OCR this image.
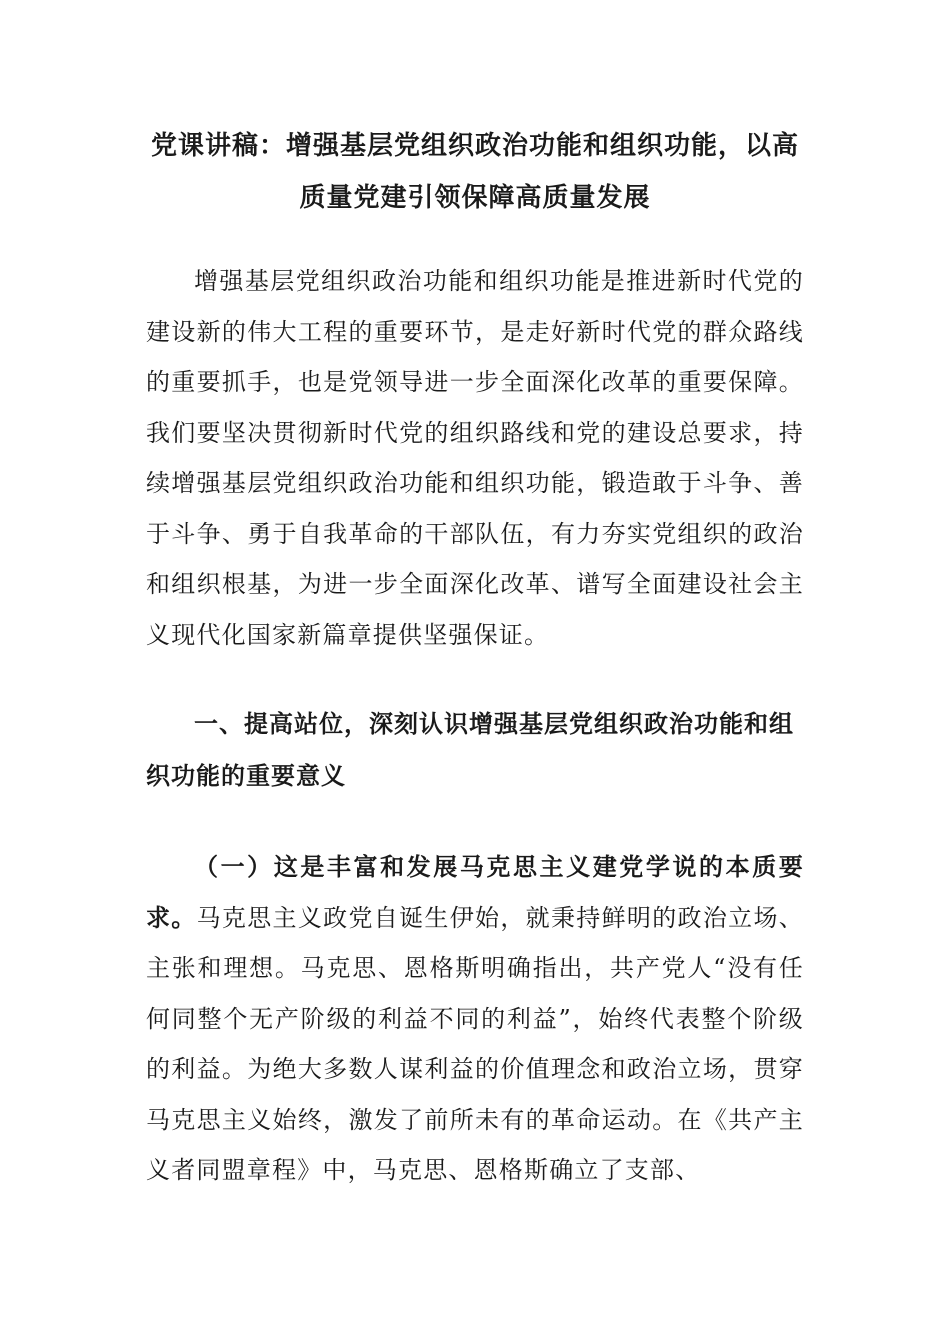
党课讲稿：增强基层党组织政治功能和组织功能，以高质量党建引领保障高质量发展

增强基层党组织政治功能和组织功能是推进新时代党的建设新的伟大工程的重要环节，是走好新时代党的群众路线的重要抓手，也是党领导进一步全面深化改革的重要保障。我们要坚决贯彻新时代党的组织路线和党的建设总要求，持续增强基层党组织政治功能和组织功能，锻造敢于斗争、善于斗争、勇于自我革命的干部队伍，有力夯实党组织的政治和组织根基，为进一步全面深化改革、谱写全面建设社会主义现代化国家新篇章提供坚强保证。

一、提高站位，深刻认识增强基层党组织政治功能和组织功能的重要意义

（一）这是丰富和发展马克思主义建党学说的本质要求。马克思主义政党自诞生伊始，就秉持鲜明的政治立场、主张和理想。马克思、恩格斯明确指出，共产党人“没有任何同整个无产阶级的利益不同的利益”，始终代表整个阶级的利益。为绝大多数人谋利益的价值理念和政治立场，贯穿马克思主义始终，激发了前所未有的革命运动。在《共产主义者同盟章程》中，马克思、恩格斯确立了支部、
